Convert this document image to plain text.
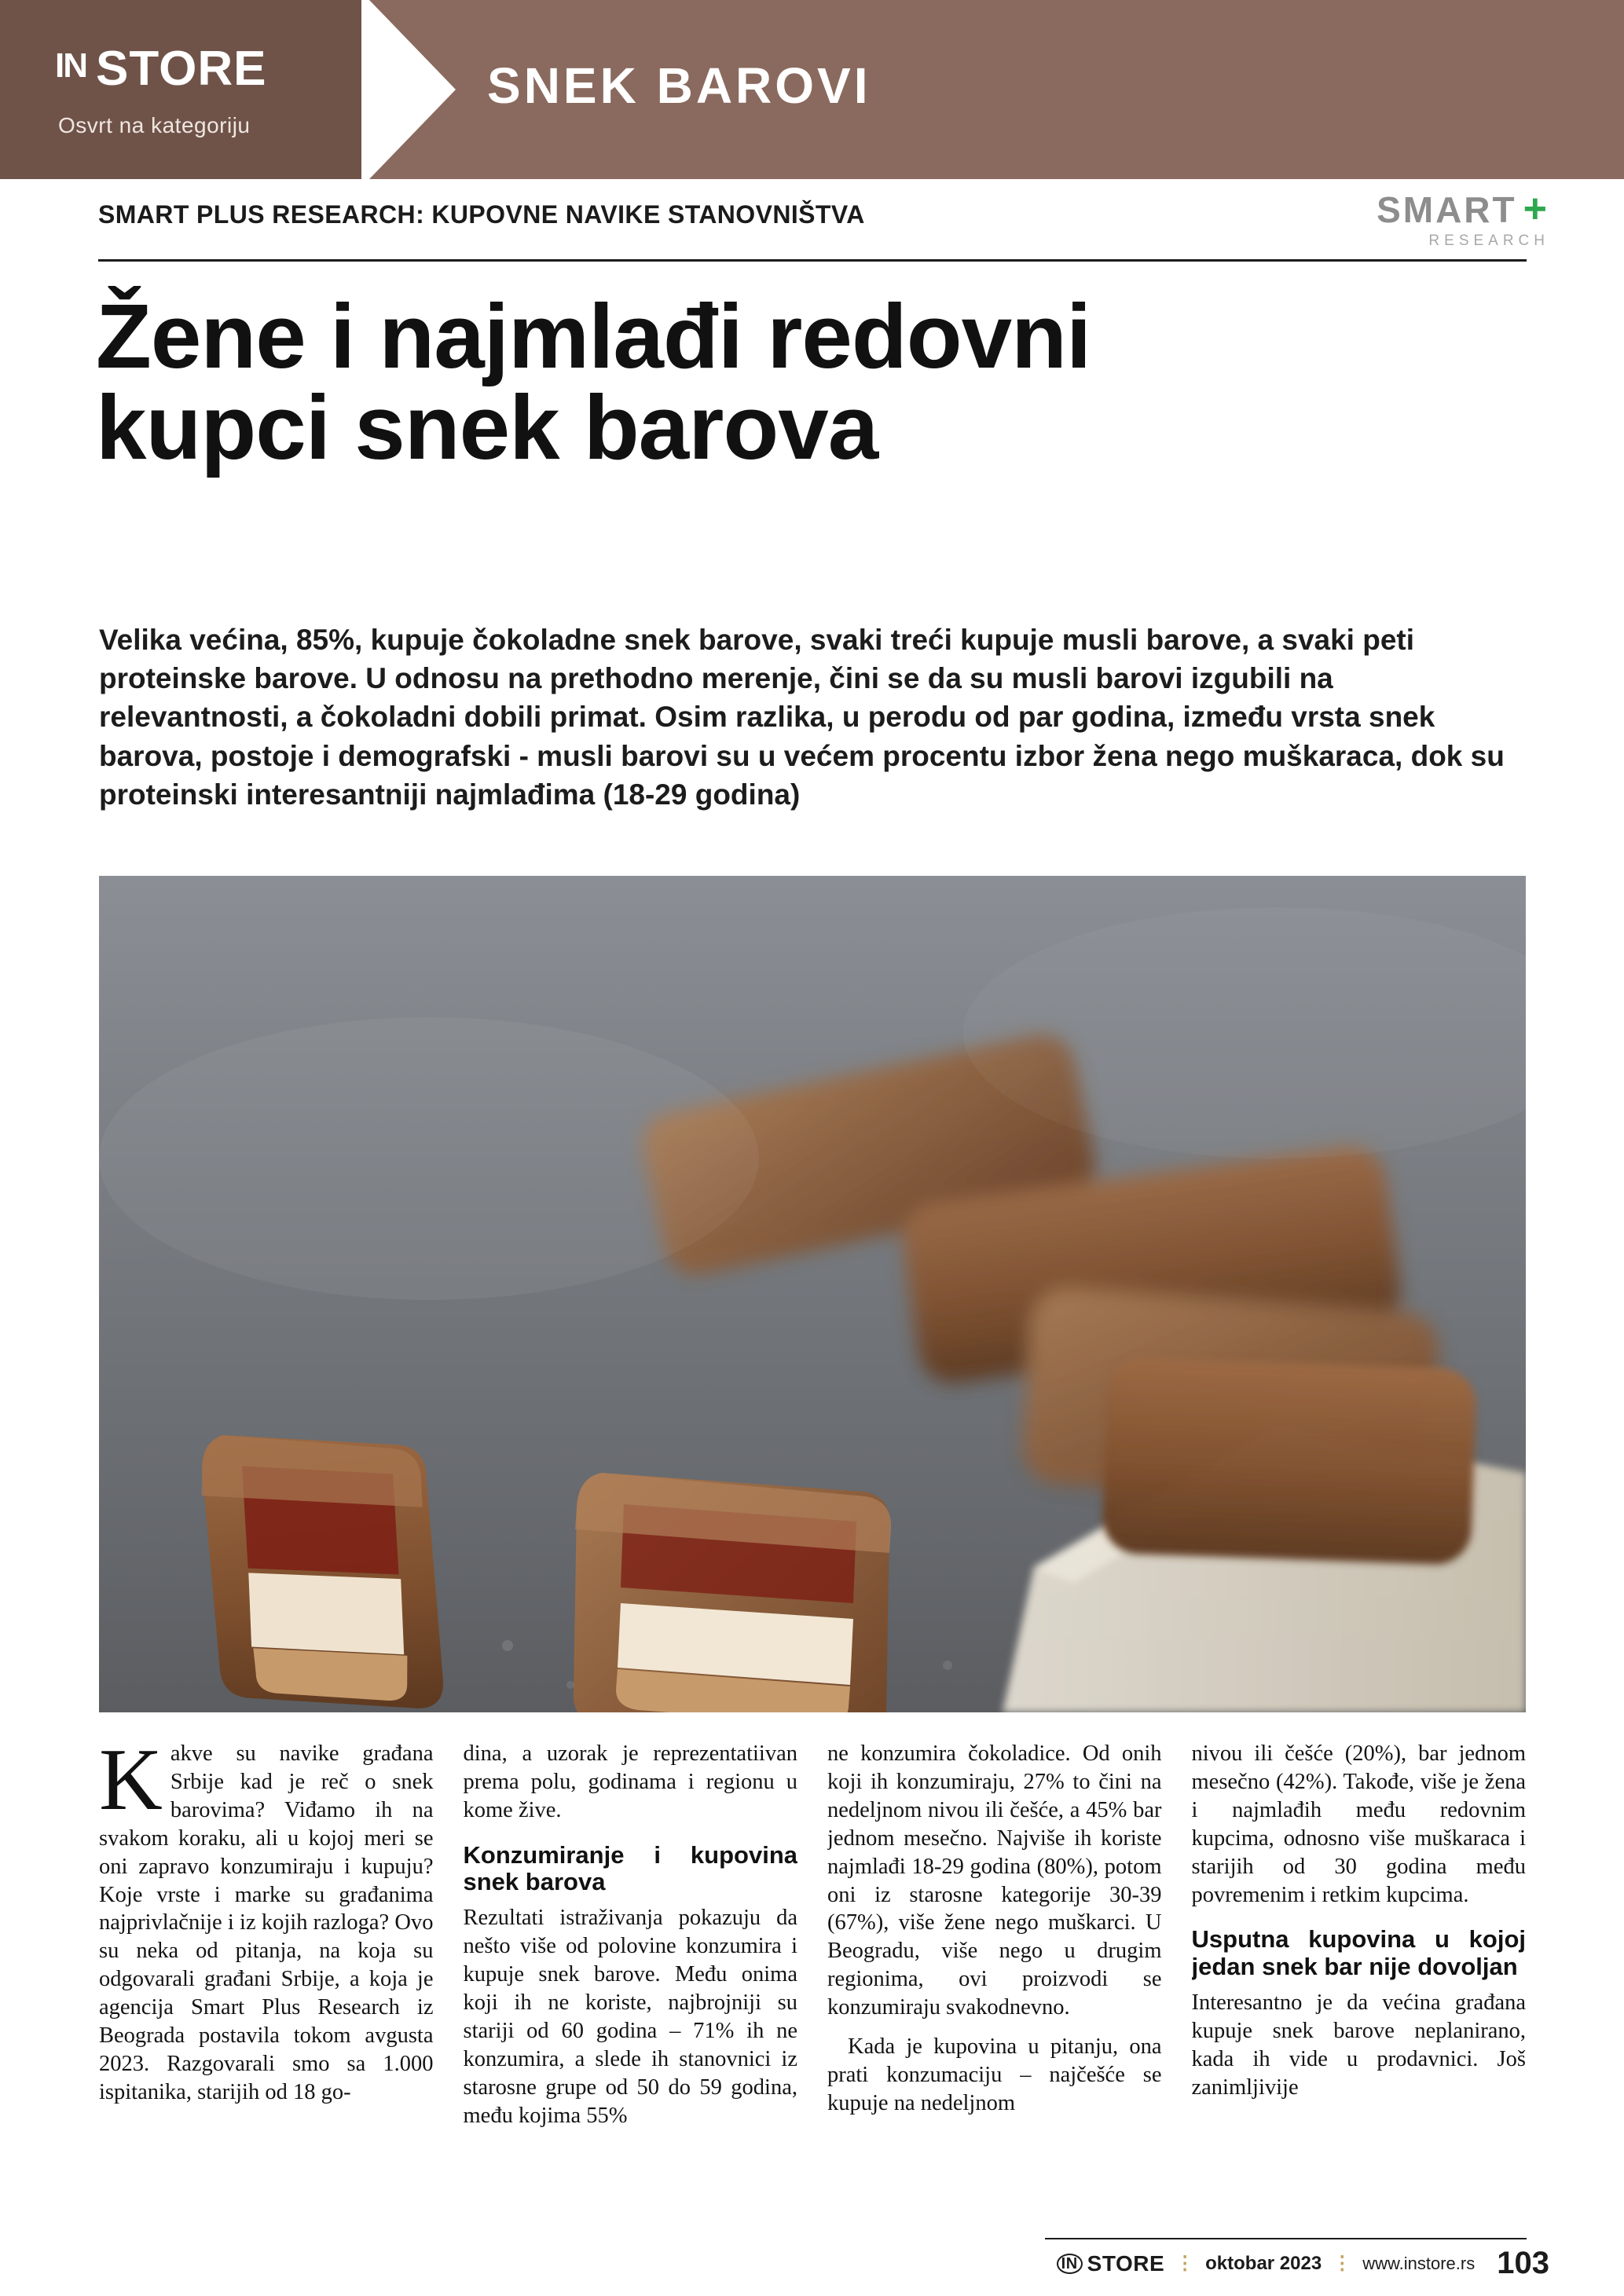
IN STORE
Osvrt na kategoriju
SNEK BAROVI
SMART PLUS RESEARCH: KUPOVNE NAVIKE STANOVNIŠTVA	SMART +
RESEARCH
Žene i najmlađi redovni
kupci snek barova
Velika većina, 85%, kupuje čokoladne snek barove, svaki treći kupuje musli barove, a svaki peti proteinske barove. U odnosu na prethodno merenje, čini se da su musli barovi izgubili na relevantnosti, a čokoladni dobili primat. Osim razlika, u perodu od par godina, između vrsta snek barova, postoje i demografski - musli barovi su u većem procentu izbor žena nego muškaraca, dok su proteinski interesantniji najmlađima (18-29 godina)

Kakve su navike građana Srbije kad je reč o snek barovima? Viđamo ih na svakom koraku, ali u kojoj meri se oni zapravo konzumiraju i kupuju? Koje vrste i marke su građanima najprivlačnije i iz kojih razloga? Ovo su neka od pitanja, na koja su odgovarali građani Srbije, a koja je agencija Smart Plus Research iz Beograda postavila tokom avgusta 2023. Razgovarali smo sa 1.000 ispitanika, starijih od 18 go-

dina, a uzorak je reprezentatiivan prema polu, godinama i regionu u kome žive.

Konzumiranje i kupovina snek barova

Rezultati istraživanja pokazuju da nešto više od polovine konzumira i kupuje snek barove. Među onima koji ih ne koriste, najbrojniji su stariji od 60 godina – 71% ih ne konzumira, a slede ih stanovnici iz starosne grupe od 50 do 59 godina, među kojima 55%

ne konzumira čokoladice. Od onih koji ih konzumiraju, 27% to čini na nedeljnom nivou ili češće, a 45% bar jednom mesečno. Najviše ih koriste najmlađi 18-29 godina (80%), potom oni iz starosne kategorije 30-39 (67%), više žene nego muškarci. U Beogradu, više nego u drugim regionima, ovi proizvodi se konzumiraju svakodnevno.

Kada je kupovina u pitanju, ona prati konzumaciju – najčešće se kupuje na nedeljnom

nivou ili češće (20%), bar jednom mesečno (42%). Takođe, više je žena i najmlađih među redovnim kupcima, odnosno više muškaraca i starijih od 30 godina među povremenim i retkim kupcima.

Usputna kupovina u kojoj jedan snek bar nije dovoljan

Interesantno je da većina građana kupuje snek barove neplanirano, kada ih vide u prodavnici. Još zanimljivije

IN STORE ⋮ oktobar 2023 ⋮ www.instore.rs 103
